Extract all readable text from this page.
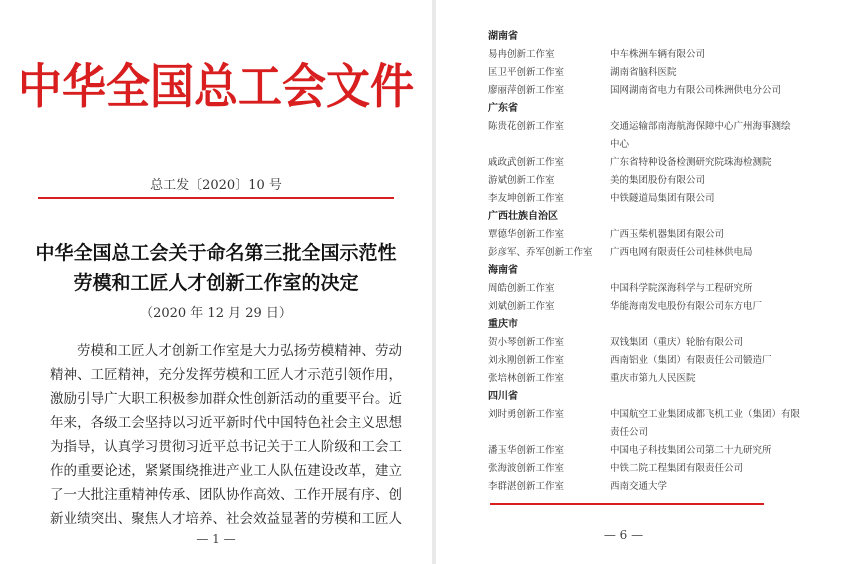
中华全国总工会文件
总工发〔2020〕10 号
中华全国总工会关于命名第三批全国示范性
劳模和工匠人才创新工作室的决定
（2020 年 12 月 29 日）
劳模和工匠人才创新工作室是大力弘扬劳模精神、劳动
精神、工匠精神，充分发挥劳模和工匠人才示范引领作用，
激励引导广大职工积极参加群众性创新活动的重要平台。近
年来，各级工会坚持以习近平新时代中国特色社会主义思想
为指导，认真学习贯彻习近平总书记关于工人阶级和工会工
作的重要论述，紧紧围绕推进产业工人队伍建设改革，建立
了一大批注重精神传承、团队协作高效、工作开展有序、创
新业绩突出、聚焦人才培养、社会效益显著的劳模和工匠人
— 1 —
湖南省
易冉创新工作室	中车株洲车辆有限公司
匡卫平创新工作室	湖南省脑科医院
廖丽萍创新工作室	国网湖南省电力有限公司株洲供电分公司
广东省
陈贵花创新工作室	交通运输部南海航海保障中心广州海事测绘
中心
戚政武创新工作室	广东省特种设备检测研究院珠海检测院
游斌创新工作室	美的集团股份有限公司
李友坤创新工作室	中铁隧道局集团有限公司
广西壮族自治区
覃德华创新工作室	广西玉柴机器集团有限公司
彭彦军、乔军创新工作室	广西电网有限责任公司桂林供电局
海南省
周皓创新工作室	中国科学院深海科学与工程研究所
刘斌创新工作室	华能海南发电股份有限公司东方电厂
重庆市
贺小琴创新工作室	双钱集团（重庆）轮胎有限公司
刘永刚创新工作室	西南铝业（集团）有限责任公司锻造厂
张培林创新工作室	重庆市第九人民医院
四川省
刘时勇创新工作室	中国航空工业集团成都飞机工业（集团）有限
责任公司
潘玉华创新工作室	中国电子科技集团公司第二十九研究所
张海波创新工作室	中铁二院工程集团有限责任公司
李群湛创新工作室	西南交通大学
— 6 —
